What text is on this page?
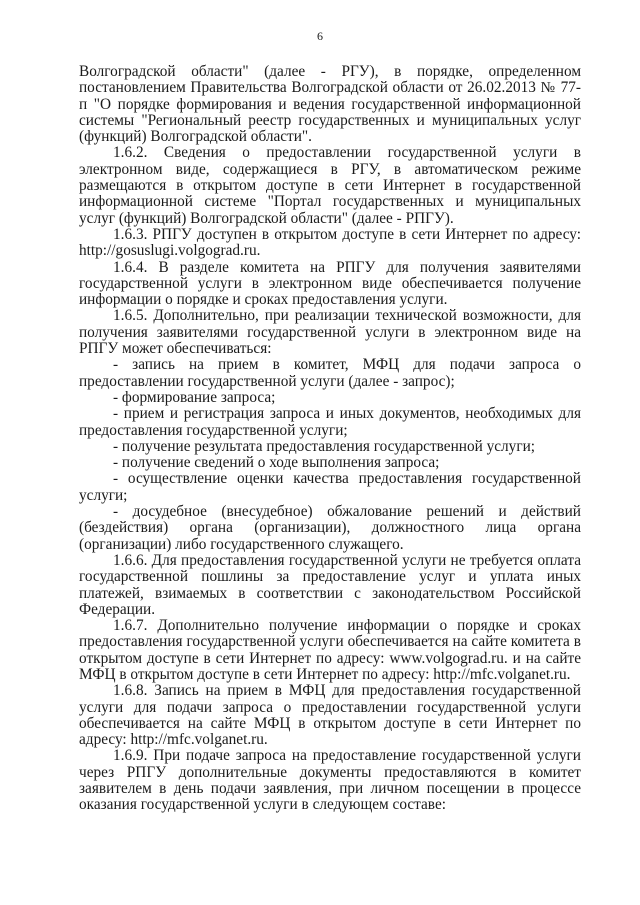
6

Волгоградской области" (далее - РГУ), в порядке, определенном постановлением Правительства Волгоградской области от 26.02.2013 № 77-п "О порядке формирования и ведения государственной информационной системы "Региональный реестр государственных и муниципальных услуг (функций) Волгоградской области".

1.6.2. Сведения о предоставлении государственной услуги в электронном виде, содержащиеся в РГУ, в автоматическом режиме размещаются в открытом доступе в сети Интернет в государственной информационной системе "Портал государственных и муниципальных услуг (функций) Волгоградской области" (далее - РПГУ).

1.6.3. РПГУ доступен в открытом доступе в сети Интернет по адресу: http://gosuslugi.volgograd.ru.

1.6.4. В разделе комитета на РПГУ для получения заявителями государственной услуги в электронном виде обеспечивается получение информации о порядке и сроках предоставления услуги.

1.6.5. Дополнительно, при реализации технической возможности, для получения заявителями государственной услуги в электронном виде на РПГУ может обеспечиваться:

- запись на прием в комитет, МФЦ для подачи запроса о предоставлении государственной услуги (далее - запрос);

- формирование запроса;

- прием и регистрация запроса и иных документов, необходимых для предоставления государственной услуги;

- получение результата предоставления государственной услуги;

- получение сведений о ходе выполнения запроса;

- осуществление оценки качества предоставления государственной услуги;

- досудебное (внесудебное) обжалование решений и действий (бездействия) органа (организации), должностного лица органа (организации) либо государственного служащего.

1.6.6. Для предоставления государственной услуги не требуется оплата государственной пошлины за предоставление услуг и уплата иных платежей, взимаемых в соответствии с законодательством Российской Федерации.

1.6.7. Дополнительно получение информации о порядке и сроках предоставления государственной услуги обеспечивается на сайте комитета в открытом доступе в сети Интернет по адресу: www.volgograd.ru. и на сайте МФЦ в открытом доступе в сети Интернет по адресу: http://mfc.volganet.ru.

1.6.8. Запись на прием в МФЦ для предоставления государственной услуги для подачи запроса о предоставлении государственной услуги обеспечивается на сайте МФЦ в открытом доступе в сети Интернет по адресу: http://mfc.volganet.ru.

1.6.9. При подаче запроса на предоставление государственной услуги через РПГУ дополнительные документы предоставляются в комитет заявителем в день подачи заявления, при личном посещении в процессе оказания государственной услуги в следующем составе:
